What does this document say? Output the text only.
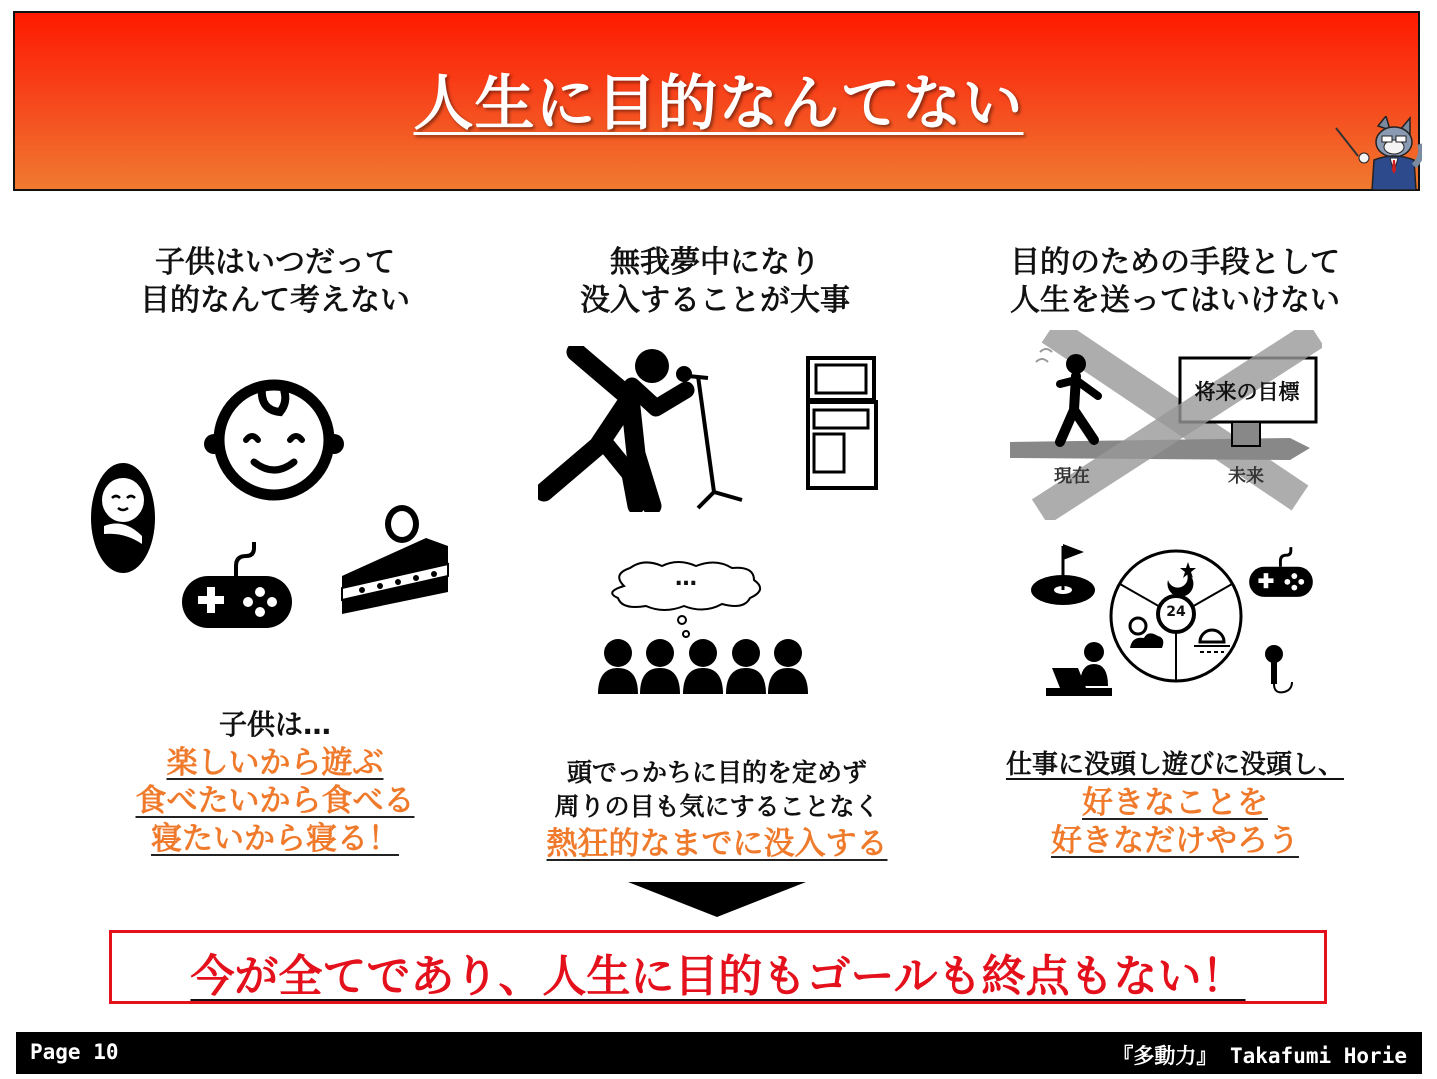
人生に目的なんてない
子供はいつだって
目的なんて考えない
子供は…
楽しいから遊ぶ
食べたいから食べる
寝たいから寝る！
無我夢中になり
没入することが大事
…
頭でっかちに目的を定めず
周りの目も気にすることなく
熱狂的なまでに没入する
目的のための手段として
人生を送ってはいけない
将来の目標
現在	未来
24
仕事に没頭し遊びに没頭し、
好きなことを
好きなだけやろう
今が全てであり、人生に目的もゴールも終点もない！
Page 10	『多動力』 Takafumi Horie
